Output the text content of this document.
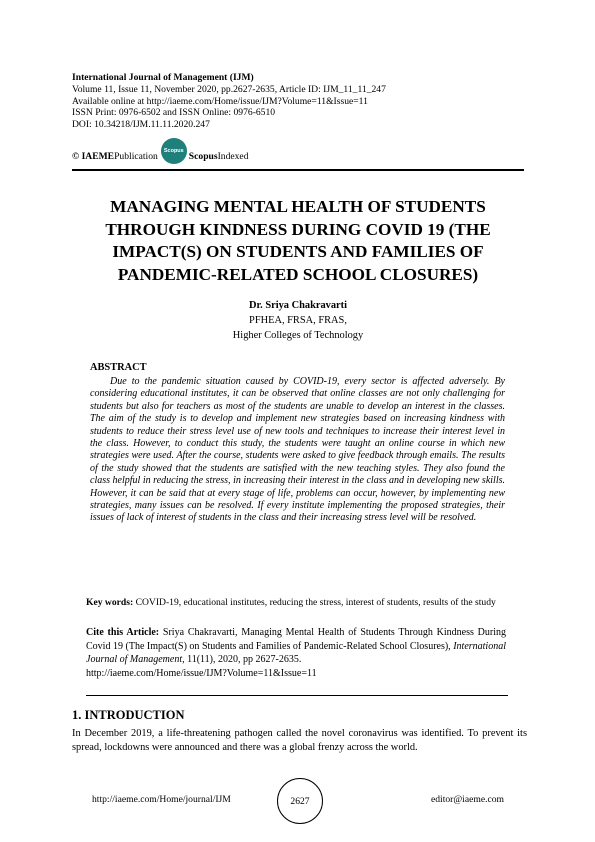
International Journal of Management (IJM)
Volume 11, Issue 11, November 2020, pp.2627-2635, Article ID: IJM_11_11_247
Available online at http://iaeme.com/Home/issue/IJM?Volume=11&Issue=11
ISSN Print: 0976-6502 and ISSN Online: 0976-6510
DOI: 10.34218/IJM.11.11.2020.247
© IAEME Publication	Scopus Scopus Indexed
MANAGING MENTAL HEALTH OF STUDENTS THROUGH KINDNESS DURING COVID 19 (THE IMPACT(S) ON STUDENTS AND FAMILIES OF PANDEMIC-RELATED SCHOOL CLOSURES)
Dr. Sriya Chakravarti
PFHEA, FRSA, FRAS,
Higher Colleges of Technology
ABSTRACT
Due to the pandemic situation caused by COVID-19, every sector is affected adversely. By considering educational institutes, it can be observed that online classes are not only challenging for students but also for teachers as most of the students are unable to develop an interest in the classes. The aim of the study is to develop and implement new strategies based on increasing kindness with students to reduce their stress level use of new tools and techniques to increase their interest level in the class. However, to conduct this study, the students were taught an online course in which new strategies were used. After the course, students were asked to give feedback through emails. The results of the study showed that the students are satisfied with the new teaching styles. They also found the class helpful in reducing the stress, in increasing their interest in the class and in developing new skills. However, it can be said that at every stage of life, problems can occur, however, by implementing new strategies, many issues can be resolved. If every institute implementing the proposed strategies, their issues of lack of interest of students in the class and their increasing stress level will be resolved.
Key words: COVID-19, educational institutes, reducing the stress, interest of students, results of the study
Cite this Article: Sriya Chakravarti, Managing Mental Health of Students Through Kindness During Covid 19 (The Impact(S) on Students and Families of Pandemic-Related School Closures), International Journal of Management, 11(11), 2020, pp 2627-2635.
http://iaeme.com/Home/issue/IJM?Volume=11&Issue=11
1. INTRODUCTION
In December 2019, a life-threatening pathogen called the novel coronavirus was identified. To prevent its spread, lockdowns were announced and there was a global frenzy across the world.
http://iaeme.com/Home/journal/IJM	2627	editor@iaeme.com
